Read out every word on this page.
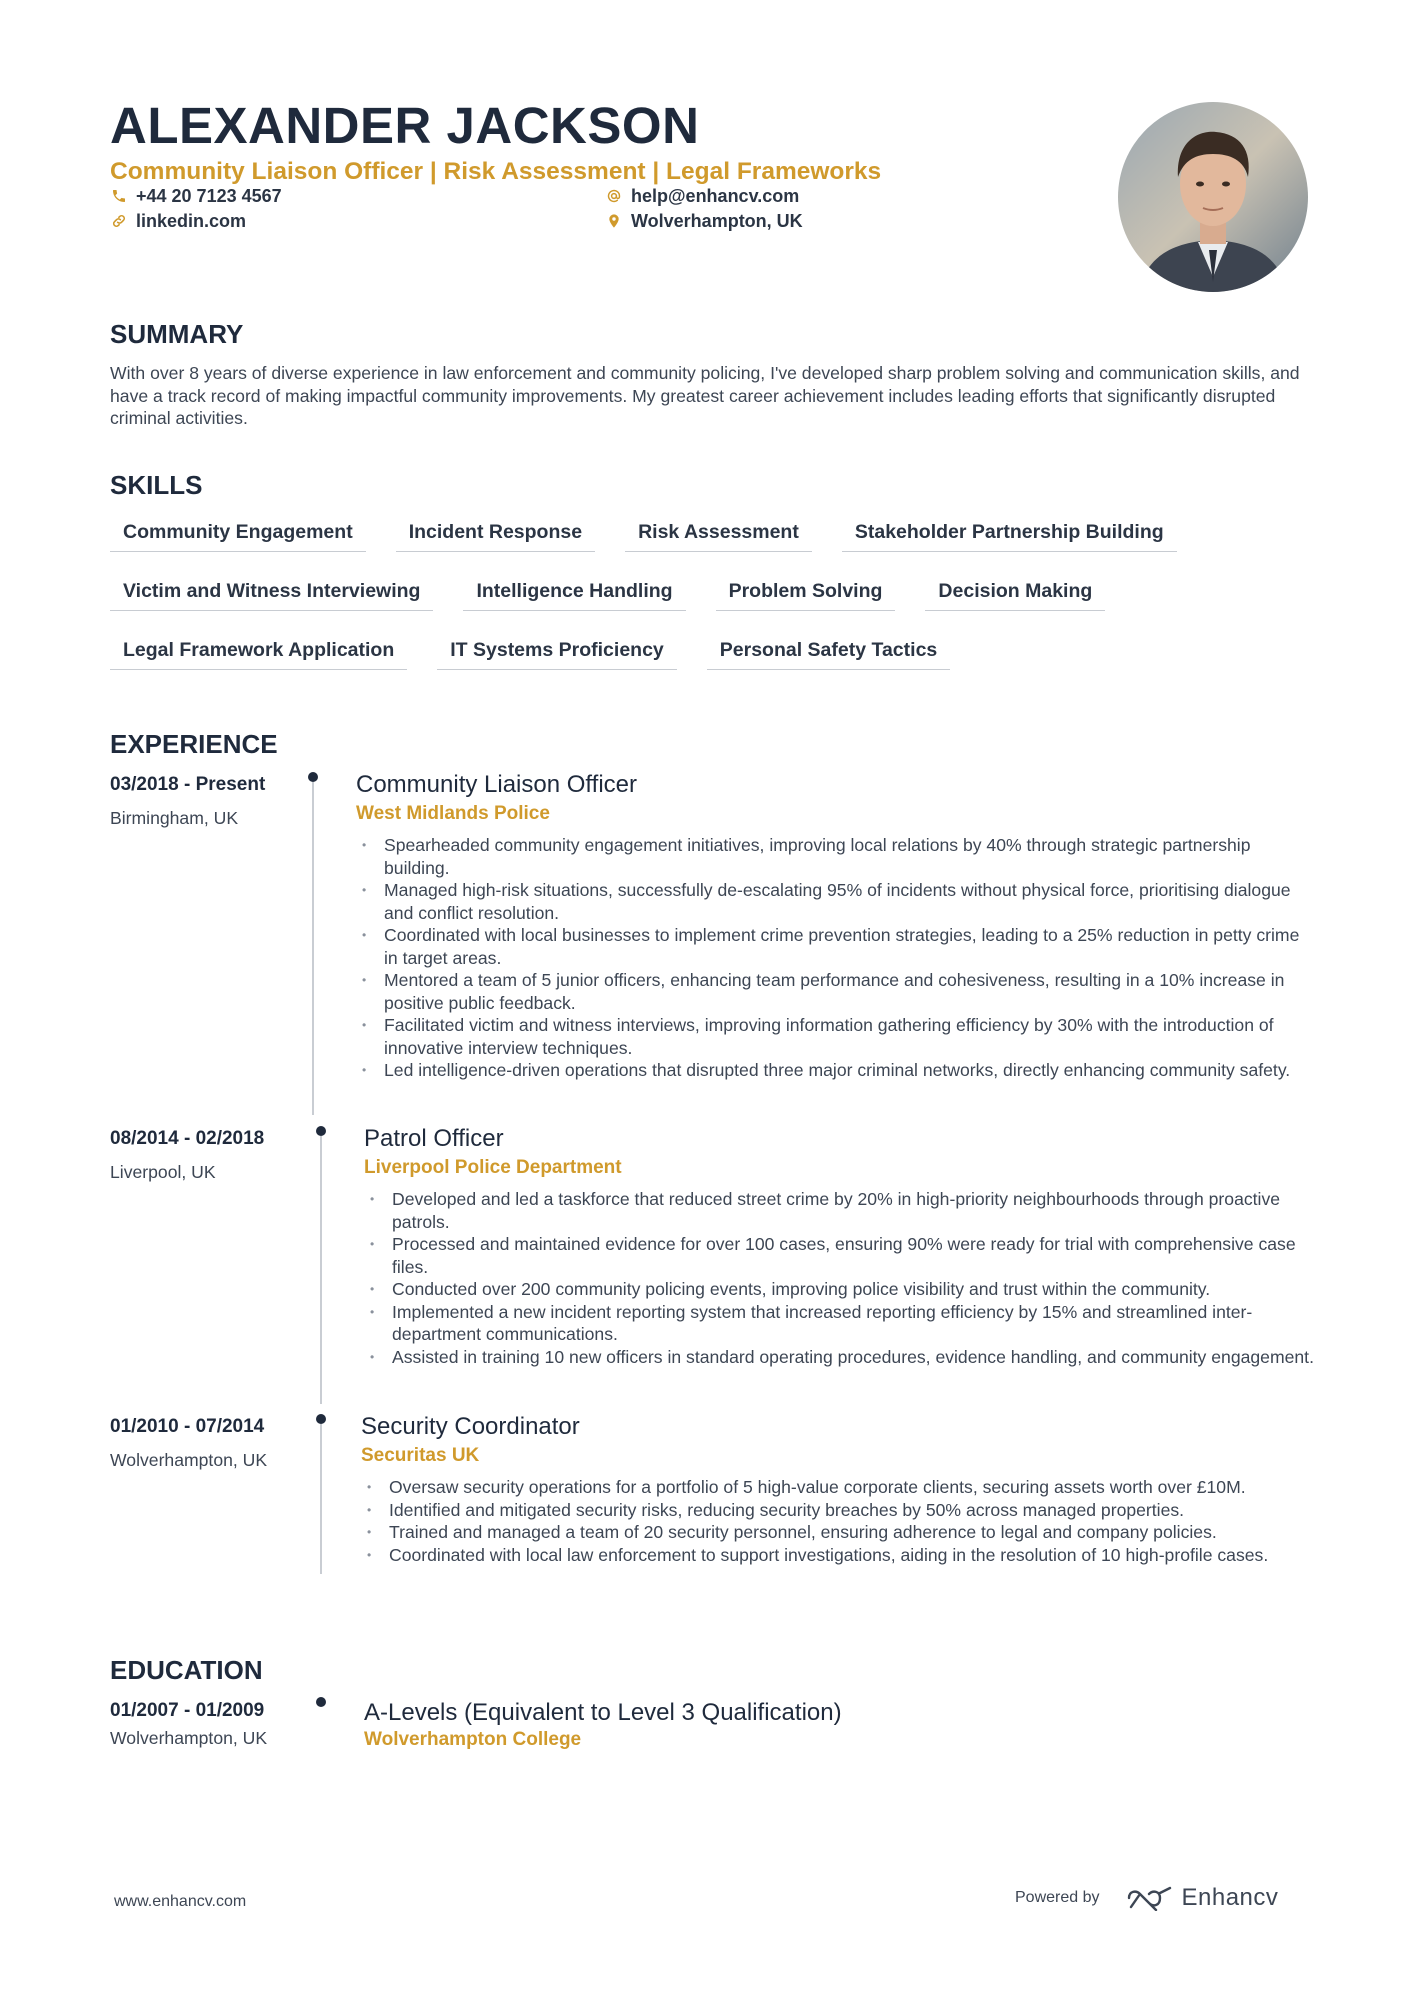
ALEXANDER JACKSON
Community Liaison Officer | Risk Assessment | Legal Frameworks
+44 20 7123 4567
linkedin.com
help@enhancv.com
Wolverhampton, UK
SUMMARY

With over 8 years of diverse experience in law enforcement and community policing, I've developed sharp problem solving and communication skills, and have a track record of making impactful community improvements. My greatest career achievement includes leading efforts that significantly disrupted criminal activities.

SKILLS
Community Engagement	Incident Response	Risk Assessment	Stakeholder Partnership Building
Victim and Witness Interviewing	Intelligence Handling	Problem Solving	Decision Making
Legal Framework Application	IT Systems Proficiency	Personal Safety Tactics
EXPERIENCE
03/2018 - Present
Birmingham, UK
Community Liaison Officer
West Midlands Police
• Spearheaded community engagement initiatives, improving local relations by 40% through strategic partnership building.
• Managed high-risk situations, successfully de-escalating 95% of incidents without physical force, prioritising dialogue and conflict resolution.
• Coordinated with local businesses to implement crime prevention strategies, leading to a 25% reduction in petty crime in target areas.
• Mentored a team of 5 junior officers, enhancing team performance and cohesiveness, resulting in a 10% increase in positive public feedback.
• Facilitated victim and witness interviews, improving information gathering efficiency by 30% with the introduction of innovative interview techniques.
• Led intelligence-driven operations that disrupted three major criminal networks, directly enhancing community safety.
08/2014 - 02/2018
Liverpool, UK
Patrol Officer
Liverpool Police Department
• Developed and led a taskforce that reduced street crime by 20% in high-priority neighbourhoods through proactive patrols.
• Processed and maintained evidence for over 100 cases, ensuring 90% were ready for trial with comprehensive case files.
• Conducted over 200 community policing events, improving police visibility and trust within the community.
• Implemented a new incident reporting system that increased reporting efficiency by 15% and streamlined inter-department communications.
• Assisted in training 10 new officers in standard operating procedures, evidence handling, and community engagement.
01/2010 - 07/2014
Wolverhampton, UK
Security Coordinator
Securitas UK
• Oversaw security operations for a portfolio of 5 high-value corporate clients, securing assets worth over £10M.
• Identified and mitigated security risks, reducing security breaches by 50% across managed properties.
• Trained and managed a team of 20 security personnel, ensuring adherence to legal and company policies.
• Coordinated with local law enforcement to support investigations, aiding in the resolution of 10 high-profile cases.
EDUCATION
01/2007 - 01/2009
Wolverhampton, UK
A-Levels (Equivalent to Level 3 Qualification)
Wolverhampton College
www.enhancv.com	Powered by	Enhancv
